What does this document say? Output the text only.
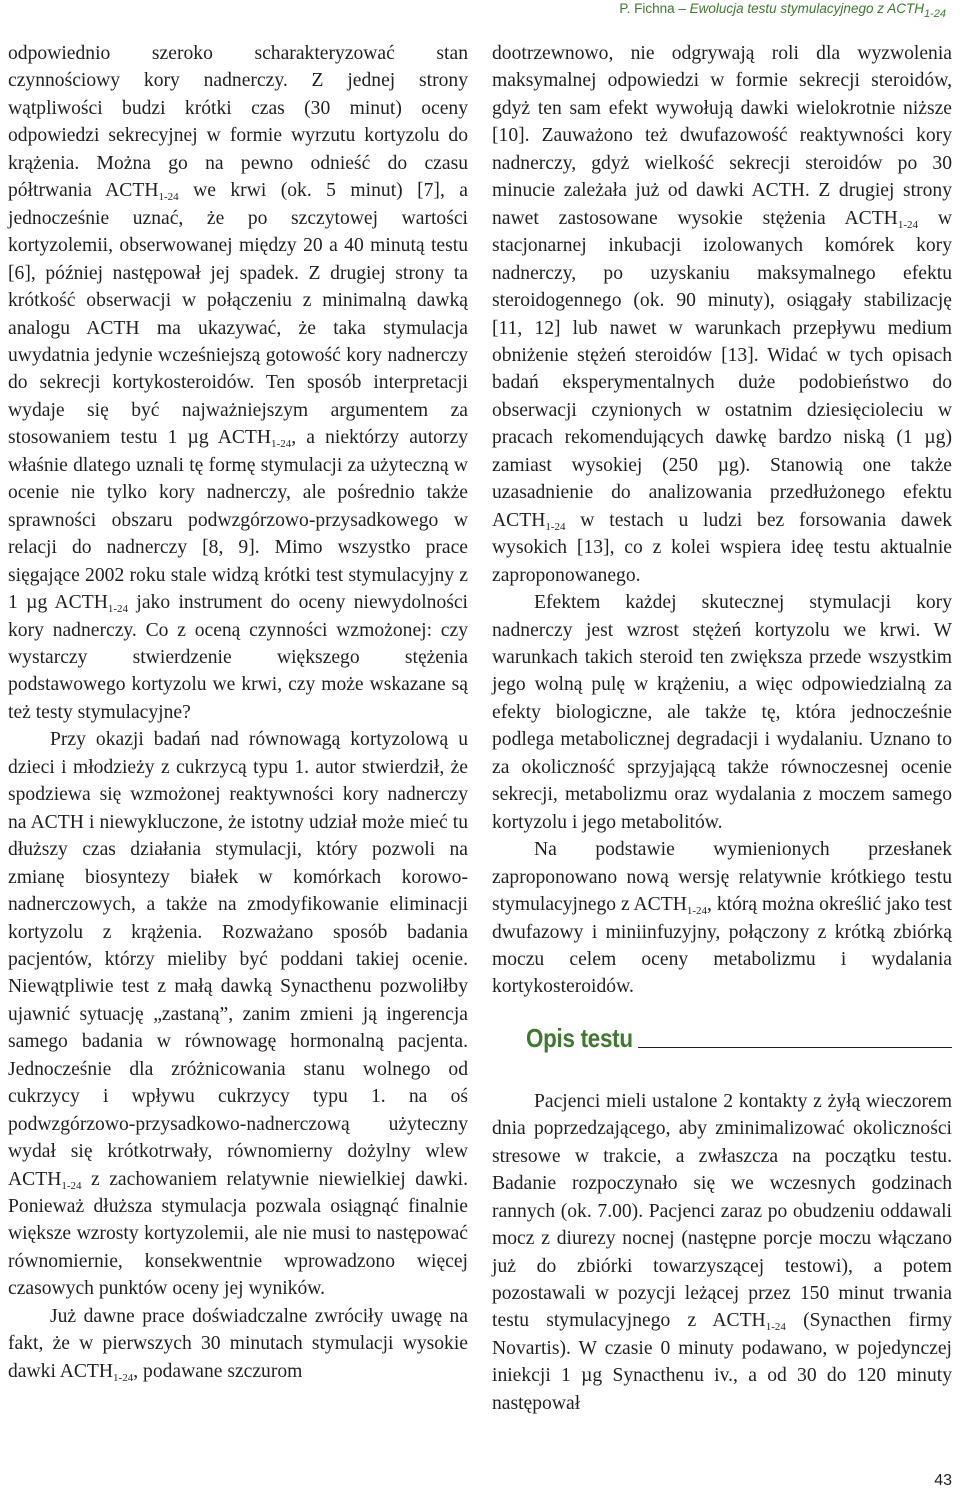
P. Fichna – Ewolucja testu stymulacyjnego z $ACTH_{1-24}$

odpowiednio szeroko scharakteryzować stan czynnościowy kory nadnerczy. Z jednej strony wątpliwości budzi krótki czas (30 minut) oceny odpowiedzi sekrecyjnej w formie wyrzutu kortyzolu do krążenia. Można go na pewno odnieść do czasu półtrwania $ACTH_{1-24}$ we krwi (ok. 5 minut) [7], a jednocześnie uznać, że po szczytowej wartości kortyzolemii, obserwowanej między 20 a 40 minutą testu [6], później następował jej spadek. Z drugiej strony ta krótkość obserwacji w połączeniu z minimalną dawką analogu ACTH ma ukazywać, że taka stymulacja uwydatnia jedynie wcześniejszą gotowość kory nadnerczy do sekrecji kortykosteroidów. Ten sposób interpretacji wydaje się być najważniejszym argumentem za stosowaniem testu 1 µg $ACTH_{1-24}$, a niektórzy autorzy właśnie dlatego uznali tę formę stymulacji za użyteczną w ocenie nie tylko kory nadnerczy, ale pośrednio także sprawności obszaru podwzgórzowo-przysadkowego w relacji do nadnerczy [8, 9]. Mimo wszystko prace sięgające 2002 roku stale widzą krótki test stymulacyjny z 1 µg $ACTH_{1-24}$ jako instrument do oceny niewydolności kory nadnerczy. Co z oceną czynności wzmożonej: czy wystarczy stwierdzenie większego stężenia podstawowego kortyzolu we krwi, czy może wskazane są też testy stymulacyjne?

Przy okazji badań nad równowagą kortyzolową u dzieci i młodzieży z cukrzycą typu 1. autor stwierdził, że spodziewa się wzmożonej reaktywności kory nadnerczy na ACTH i niewykluczone, że istotny udział może mieć tu dłuższy czas działania stymulacji, który pozwoli na zmianę biosyntezy białek w komórkach korowo-nadnerczowych, a także na zmodyfikowanie eliminacji kortyzolu z krążenia. Rozważano sposób badania pacjentów, którzy mieliby być poddani takiej ocenie. Niewątpliwie test z małą dawką Synacthenu pozwoliłby ujawnić sytuację „zastaną”, zanim zmieni ją ingerencja samego badania w równowagę hormonalną pacjenta. Jednocześnie dla zróżnicowania stanu wolnego od cukrzycy i wpływu cukrzycy typu 1. na oś podwzgórzowo-przysadkowo-nadnerczową użyteczny wydał się krótkotrwały, równomierny dożylny wlew $ACTH_{1-24}$ z zachowaniem relatywnie niewielkiej dawki. Ponieważ dłuższa stymulacja pozwala osiągnąć finalnie większe wzrosty kortyzolemii, ale nie musi to następować równomiernie, konsekwentnie wprowadzono więcej czasowych punktów oceny jej wyników.

Już dawne prace doświadczalne zwróciły uwagę na fakt, że w pierwszych 30 minutach stymulacji wysokie dawki $ACTH_{1-24}$, podawane szczurom

dootrzewnowo, nie odgrywają roli dla wyzwolenia maksymalnej odpowiedzi w formie sekrecji steroidów, gdyż ten sam efekt wywołują dawki wielokrotnie niższe [10]. Zauważono też dwufazowość reaktywności kory nadnerczy, gdyż wielkość sekrecji steroidów po 30 minucie zależała już od dawki ACTH. Z drugiej strony nawet zastosowane wysokie stężenia $ACTH_{1-24}$ w stacjonarnej inkubacji izolowanych komórek kory nadnerczy, po uzyskaniu maksymalnego efektu steroidogennego (ok. 90 minuty), osiągały stabilizację [11, 12] lub nawet w warunkach przepływu medium obniżenie stężeń steroidów [13]. Widać w tych opisach badań eksperymentalnych duże podobieństwo do obserwacji czynionych w ostatnim dziesięcioleciu w pracach rekomendujących dawkę bardzo niską (1 µg) zamiast wysokiej (250 µg). Stanowią one także uzasadnienie do analizowania przedłużonego efektu $ACTH_{1-24}$ w testach u ludzi bez forsowania dawek wysokich [13], co z kolei wspiera ideę testu aktualnie zaproponowanego.

Efektem każdej skutecznej stymulacji kory nadnerczy jest wzrost stężeń kortyzolu we krwi. W warunkach takich steroid ten zwiększa przede wszystkim jego wolną pulę w krążeniu, a więc odpowiedzialną za efekty biologiczne, ale także tę, która jednocześnie podlega metabolicznej degradacji i wydalaniu. Uznano to za okoliczność sprzyjającą także równoczesnej ocenie sekrecji, metabolizmu oraz wydalania z moczem samego kortyzolu i jego metabolitów.

Na podstawie wymienionych przesłanek zaproponowano nową wersję relatywnie krótkiego testu stymulacyjnego z $ACTH_{1-24}$, którą można określić jako test dwufazowy i miniinfuzyjny, połączony z krótką zbiórką moczu celem oceny metabolizmu i wydalania kortykosteroidów.

Opis testu

Pacjenci mieli ustalone 2 kontakty z żyłą wieczorem dnia poprzedzającego, aby zminimalizować okoliczności stresowe w trakcie, a zwłaszcza na początku testu. Badanie rozpoczynało się we wczesnych godzinach rannych (ok. 7.00). Pacjenci zaraz po obudzeniu oddawali mocz z diurezy nocnej (następne porcje moczu włączano już do zbiórki towarzyszącej testowi), a potem pozostawali w pozycji leżącej przez 150 minut trwania testu stymulacyjnego z $ACTH_{1-24}$ (Synacthen firmy Novartis). W czasie 0 minuty podawano, w pojedynczej iniekcji 1 µg Synacthenu iv., a od 30 do 120 minuty następował

43
